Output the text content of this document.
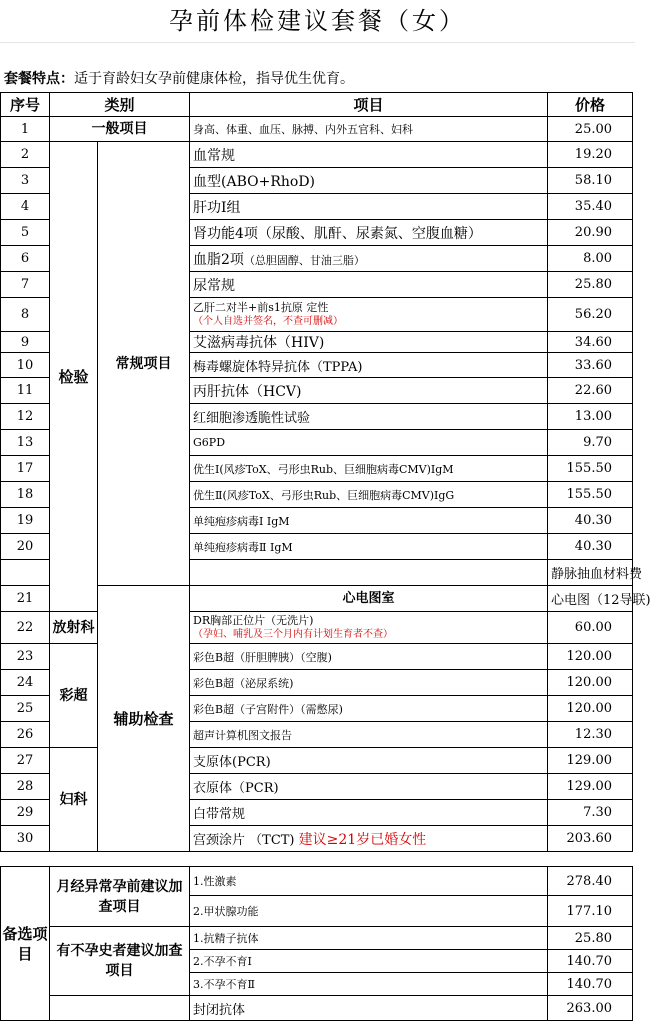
孕前体检建议套餐（女）
套餐特点：适于育龄妇女孕前健康体检，指导优生优育。
序号	类别		项目	价格	
1	一般项目		身高、体重、血压、脉搏、内外五官科、妇科	25.00	
2	检验	常规项目	血常规	19.20	
3			血型(ABO+RhoD)	58.10	
4			肝功Ⅰ组	35.40	
5			肾功能4项（尿酸、肌酐、尿素氮、空腹血糖）	20.90	
6			血脂2项（总胆固醇、甘油三脂）	8.00	
7			尿常规	25.80	
8			乙肝二对半+前s1抗原 定性
（个人自选并签名，不查可删减）	56.20	
9			艾滋病毒抗体（HIV)	34.60	
10			梅毒螺旋体特异抗体（TPPA)	33.60	
11			丙肝抗体（HCV)	22.60	
12			红细胞渗透脆性试验	13.00	
13			G6PD	9.70	
17			优生Ⅰ(风疹ToX、弓形虫Rub、巨细胞病毒CMV)IgM	155.50	
18			优生Ⅱ(风疹ToX、弓形虫Rub、巨细胞病毒CMV)IgG	155.50	
19			单纯疱疹病毒Ⅰ IgM	40.30	
20			单纯疱疹病毒Ⅱ IgM	40.30	
				静脉抽血材料费	
21		辅助检查	心电图室	心电图（12导联)	
22	放射科		DR胸部正位片（无洗片)
（孕妇、哺乳及三个月内有计划生育者不查）	60.00	
23	彩超		彩色B超（肝胆脾胰）（空腹)	120.00	
24			彩色B超（泌尿系统)	120.00	
25			彩色B超（子宫附件）（需憋尿)	120.00	
26			超声计算机图文报告	12.30	
27	妇科		支原体(PCR)	129.00	
28			衣原体（PCR)	129.00	
29			白带常规	7.30	
30			宫颈涂片 （TCT) 建议≥21岁已婚女性	203.60	
备选项目	月经异常孕前建议加查项目	1.性激素	278.40
		2.甲状腺功能	177.10
	有不孕史者建议加查项目	1.抗精子抗体	25.80
		2.不孕不育Ⅰ	140.70
		3.不孕不育Ⅱ	140.70
		封闭抗体	263.00
